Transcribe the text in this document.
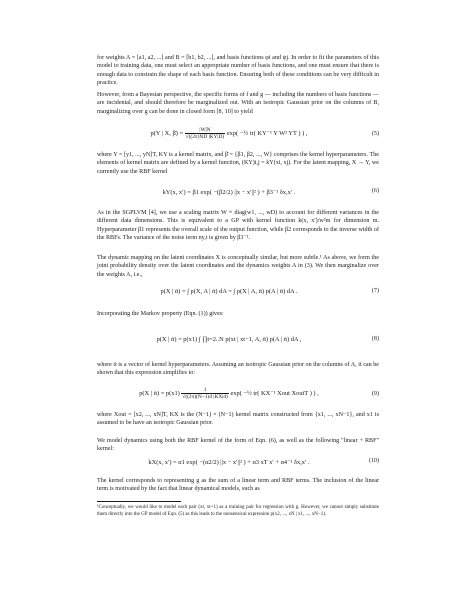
for weights A = [a1, a2, ...] and B = [b1, b2, ...], and basis functions φi and ψj. In order to fit the parameters of this model to training data, one must select an appropriate number of basis functions, and one must ensure that there is enough data to constrain the shape of each basis function. Ensuring both of these conditions can be very difficult in practice.

However, from a Bayesian perspective, the specific forms of f and g — including the numbers of basis functions — are incidental, and should therefore be marginalized out. With an isotropic Gaussian prior on the columns of B, marginalizing over g can be done in closed form [8, 10] to yield

p(Y | X, β̄) = $\frac{|W|N}{√((2\pi)ND |KY|D)} \exp$( −½ tr( KY⁻¹ Y W² YT ) ) ,	(5)

where Y = [y1, ..., yN]T, KY is a kernel matrix, and β̄ = {β1, β2, ..., W} comprises the kernel hyperparameters. The elements of kernel matrix are defined by a kernel function, (KY)i,j = kY(xi, xj). For the latent mapping, X → Y, we currently use the RBF kernel

kY(x, x′) = β1 exp( −(β2/2) ||x − x′||² ) + β3⁻¹ δx,x′ .	(6)

As in the SGPLVM [4], we use a scaling matrix W ≡ diag(w1, ..., wD) to account for different variances in the different data dimensions. This is equivalent to a GP with kernel function k(x, x′)/w²m for dimension m. Hyperparameter β1 represents the overall scale of the output function, while β2 corresponds to the inverse width of the RBFs. The variance of the noise term ny,t is given by β3⁻¹.

The dynamic mapping on the latent coordinates X is conceptually similar, but more subtle.¹ As above, we form the joint probability density over the latent coordinates and the dynamics weights A in (3). We then marginalize over the weights A, i.e.,

p(X | ᾱ) = ∫ p(X, A | ᾱ) dA = ∫ p(X | A, ᾱ) p(A | ᾱ) dA .	(7)

Incorporating the Markov property (Eqn. (1)) gives:

p(X | ᾱ) = p(x1) ∫ ∏t=2..N p(xt | xt−1, A, ᾱ) p(A | ᾱ) dA ,	(8)

where ᾱ is a vector of kernel hyperparameters. Assuming an isotropic Gaussian prior on the columns of A, it can be shown that this expression simplifies to:

p(X | ᾱ) = $p(x1) \frac{1}{√((2\pi)(N-1)d |KX|d)} \exp$( −½ tr( KX⁻¹ Xout XoutT ) ) ,	(9)

where Xout = [x2, ..., xN]T, KX is the (N−1) × (N−1) kernel matrix constructed from {x1, ..., xN−1}, and x1 is assumed to be have an isotropic Gaussian prior.

We model dynamics using both the RBF kernel of the form of Eqn. (6), as well as the following "linear + RBF" kernel:

kX(x, x′) = α1 exp( −(α2/2) ||x − x′||² ) + α3 xT x′ + α4⁻¹ δx,x′ .	(10)

The kernel corresponds to representing g as the sum of a linear term and RBF terms. The inclusion of the linear term is motivated by the fact that linear dynamical models, such as

¹Conceptually, we would like to model each pair (xt, xt+1) as a training pair for regression with g. However, we cannot simply substitute them directly into the GP model of Eqn. (5) as this leads to the nonsensical expression p(x2, ..., xN | x1, ..., xN−1).
